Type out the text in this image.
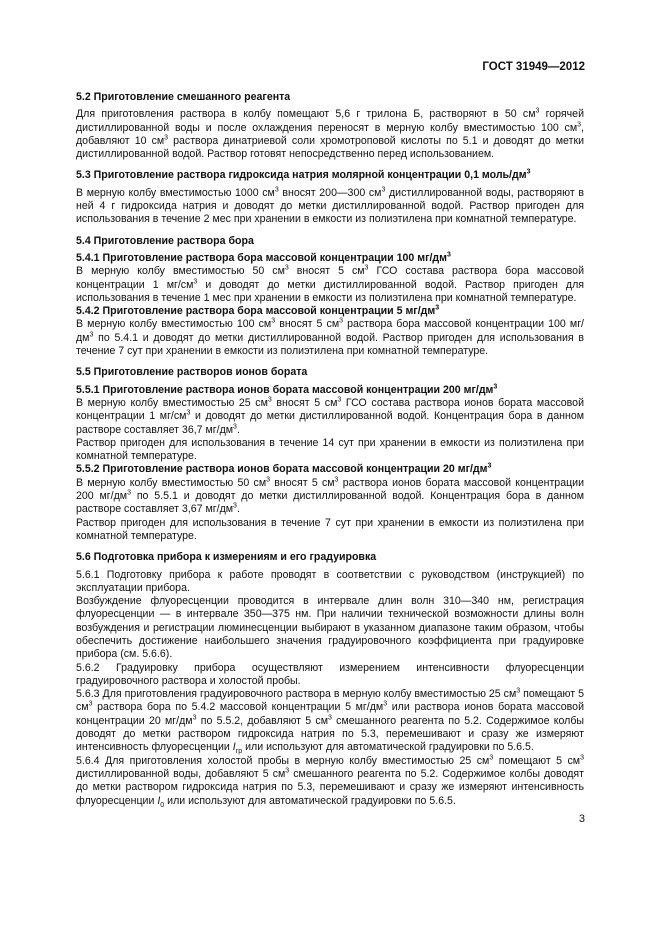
ГОСТ 31949—2012
5.2 Приготовление смешанного реагента

Для приготовления раствора в колбу помещают 5,6 г трилона Б, растворяют в 50 $см^3$ горячей дистиллированной воды и после охлаждения переносят в мерную колбу вместимостью 100 $см^3$, добавляют 10 $см^3$ раствора динатриевой соли хромотроповой кислоты по 5.1 и доводят до метки дистиллированной водой. Раствор готовят непосредственно перед использованием.

5.3 Приготовление раствора гидроксида натрия молярной концентрации 0,1 моль/$дм^3$

В мерную колбу вместимостью 1000 $см^3$ вносят 200—300 $см^3$ дистиллированной воды, растворяют в ней 4 г гидроксида натрия и доводят до метки дистиллированной водой. Раствор пригоден для использования в течение 2 мес при хранении в емкости из полиэтилена при комнатной температуре.

5.4 Приготовление раствора бора
5.4.1 Приготовление раствора бора массовой концентрации 100 $мг/дм^3$

В мерную колбу вместимостью 50 $см^3$ вносят 5 $см^3$ ГСО состава раствора бора массовой концентрации 1 $мг/см^3$ и доводят до метки дистиллированной водой. Раствор пригоден для использования в течение 1 мес при хранении в емкости из полиэтилена при комнатной температуре.

5.4.2 Приготовление раствора бора массовой концентрации 5 $мг/дм^3$

В мерную колбу вместимостью 100 $см^3$ вносят 5 $см^3$ раствора бора массовой концентрации 100 $мг/дм^3$ по 5.4.1 и доводят до метки дистиллированной водой. Раствор пригоден для использования в течение 7 сут при хранении в емкости из полиэтилена при комнатной температуре.

5.5 Приготовление растворов ионов бората
5.5.1 Приготовление раствора ионов бората массовой концентрации 200 $мг/дм^3$

В мерную колбу вместимостью 25 $см^3$ вносят 5 $см^3$ ГСО состава раствора ионов бората массовой концентрации 1 $мг/см^3$ и доводят до метки дистиллированной водой. Концентрация бора в данном растворе составляет 36,7 $мг/дм^3$.

Раствор пригоден для использования в течение 14 сут при хранении в емкости из полиэтилена при комнатной температуре.

5.5.2 Приготовление раствора ионов бората массовой концентрации 20 $мг/дм^3$

В мерную колбу вместимостью 50 $см^3$ вносят 5 $см^3$ раствора ионов бората массовой концентрации 200 $мг/дм^3$ по 5.5.1 и доводят до метки дистиллированной водой. Концентрация бора в данном растворе составляет 3,67 $мг/дм^3$.

Раствор пригоден для использования в течение 7 сут при хранении в емкости из полиэтилена при комнатной температуре.

5.6 Подготовка прибора к измерениям и его градуировка

5.6.1 Подготовку прибора к работе проводят в соответствии с руководством (инструкцией) по эксплуатации прибора.

Возбуждение флуоресценции проводится в интервале длин волн 310—340 нм, регистрация флуоресценции — в интервале 350—375 нм. При наличии технической возможности длины волн возбуждения и регистрации люминесценции выбирают в указанном диапазоне таким образом, чтобы обеспечить достижение наибольшего значения градуировочного коэффициента при градуировке прибора (см. 5.6.6).

5.6.2 Градуировку прибора осуществляют измерением интенсивности флуоресценции градуировочного раствора и холостой пробы.

5.6.3 Для приготовления градуировочного раствора в мерную колбу вместимостью 25 $см^3$ помещают 5 $см^3$ раствора бора по 5.4.2 массовой концентрации 5 $мг/дм^3$ или раствора ионов бората массовой концентрации 20 $мг/дм^3$ по 5.5.2, добавляют 5 $см^3$ смешанного реагента по 5.2. Содержимое колбы доводят до метки раствором гидроксида натрия по 5.3, перемешивают и сразу же измеряют интенсивность флуоресценции $I_{гр}$ или используют для автоматической градуировки по 5.6.5.

5.6.4 Для приготовления холостой пробы в мерную колбу вместимостью 25 $см^3$ помещают 5 $см^3$ дистиллированной воды, добавляют 5 $см^3$ смешанного реагента по 5.2. Содержимое колбы доводят до метки раствором гидроксида натрия по 5.3, перемешивают и сразу же измеряют интенсивность флуоресценции $I_0$ или используют для автоматической градуировки по 5.6.5.

3
